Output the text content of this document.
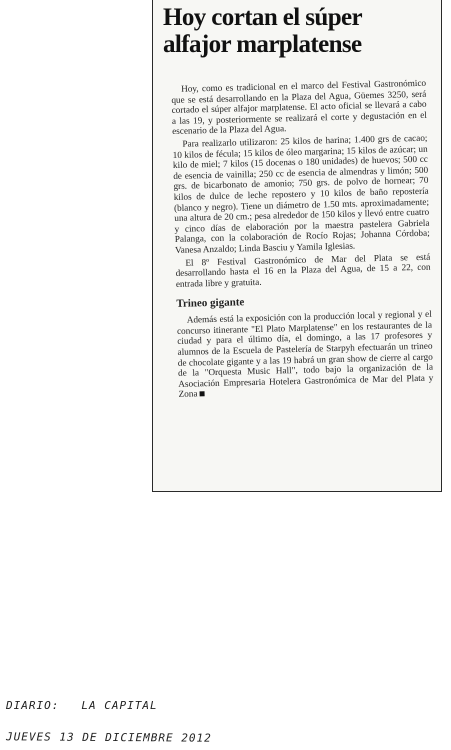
Hoy cortan el súper
alfajor marplatense

Hoy, como es tradicional en el marco del Festival Gastronómico que se está desarrollando en la Plaza del Agua, Güemes 3250, será cortado el súper alfajor marplatense. El acto oficial se llevará a cabo a las 19, y posteriormente se realizará el corte y degustación en el escenario de la Plaza del Agua.

Para realizarlo utilizaron: 25 kilos de harina; 1.400 grs de cacao; 10 kilos de fécula; 15 kilos de óleo margarina; 15 kilos de azúcar; un kilo de miel; 7 kilos (15 docenas o 180 unidades) de huevos; 500 cc de esencia de vainilla; 250 cc de esencia de almendras y limón; 500 grs. de bicarbonato de amonio; 750 grs. de polvo de hornear; 70 kilos de dulce de leche repostero y 10 kilos de baño repostería (blanco y negro). Tiene un diámetro de 1.50 mts. aproximadamente; una altura de 20 cm.; pesa alrededor de 150 kilos y llevó entre cuatro y cinco días de elaboración por la maestra pastelera Gabriela Palanga, con la colaboración de Rocío Rojas; Johanna Córdoba; Vanesa Anzaldo; Linda Basciu y Yamila Iglesias.

El 8º Festival Gastronómico de Mar del Plata se está desarrollando hasta el 16 en la Plaza del Agua, de 15 a 22, con entrada libre y gratuita.

Trineo gigante

Además está la exposición con la producción local y regional y el concurso itinerante "El Plato Marplatense" en los restaurantes de la ciudad y para el último día, el domingo, a las 17 profesores y alumnos de la Escuela de Pastelería de Starpyh efectuarán un trineo de chocolate gigante y a las 19 habrá un gran show de cierre al cargo de la "Orquesta Music Hall", todo bajo la organización de la Asociación Empresaria Hotelera Gastronómica de Mar del Plata y Zona

DIARIO: LA CAPITAL
JUEVES 13 DE DICIEMBRE 2012
